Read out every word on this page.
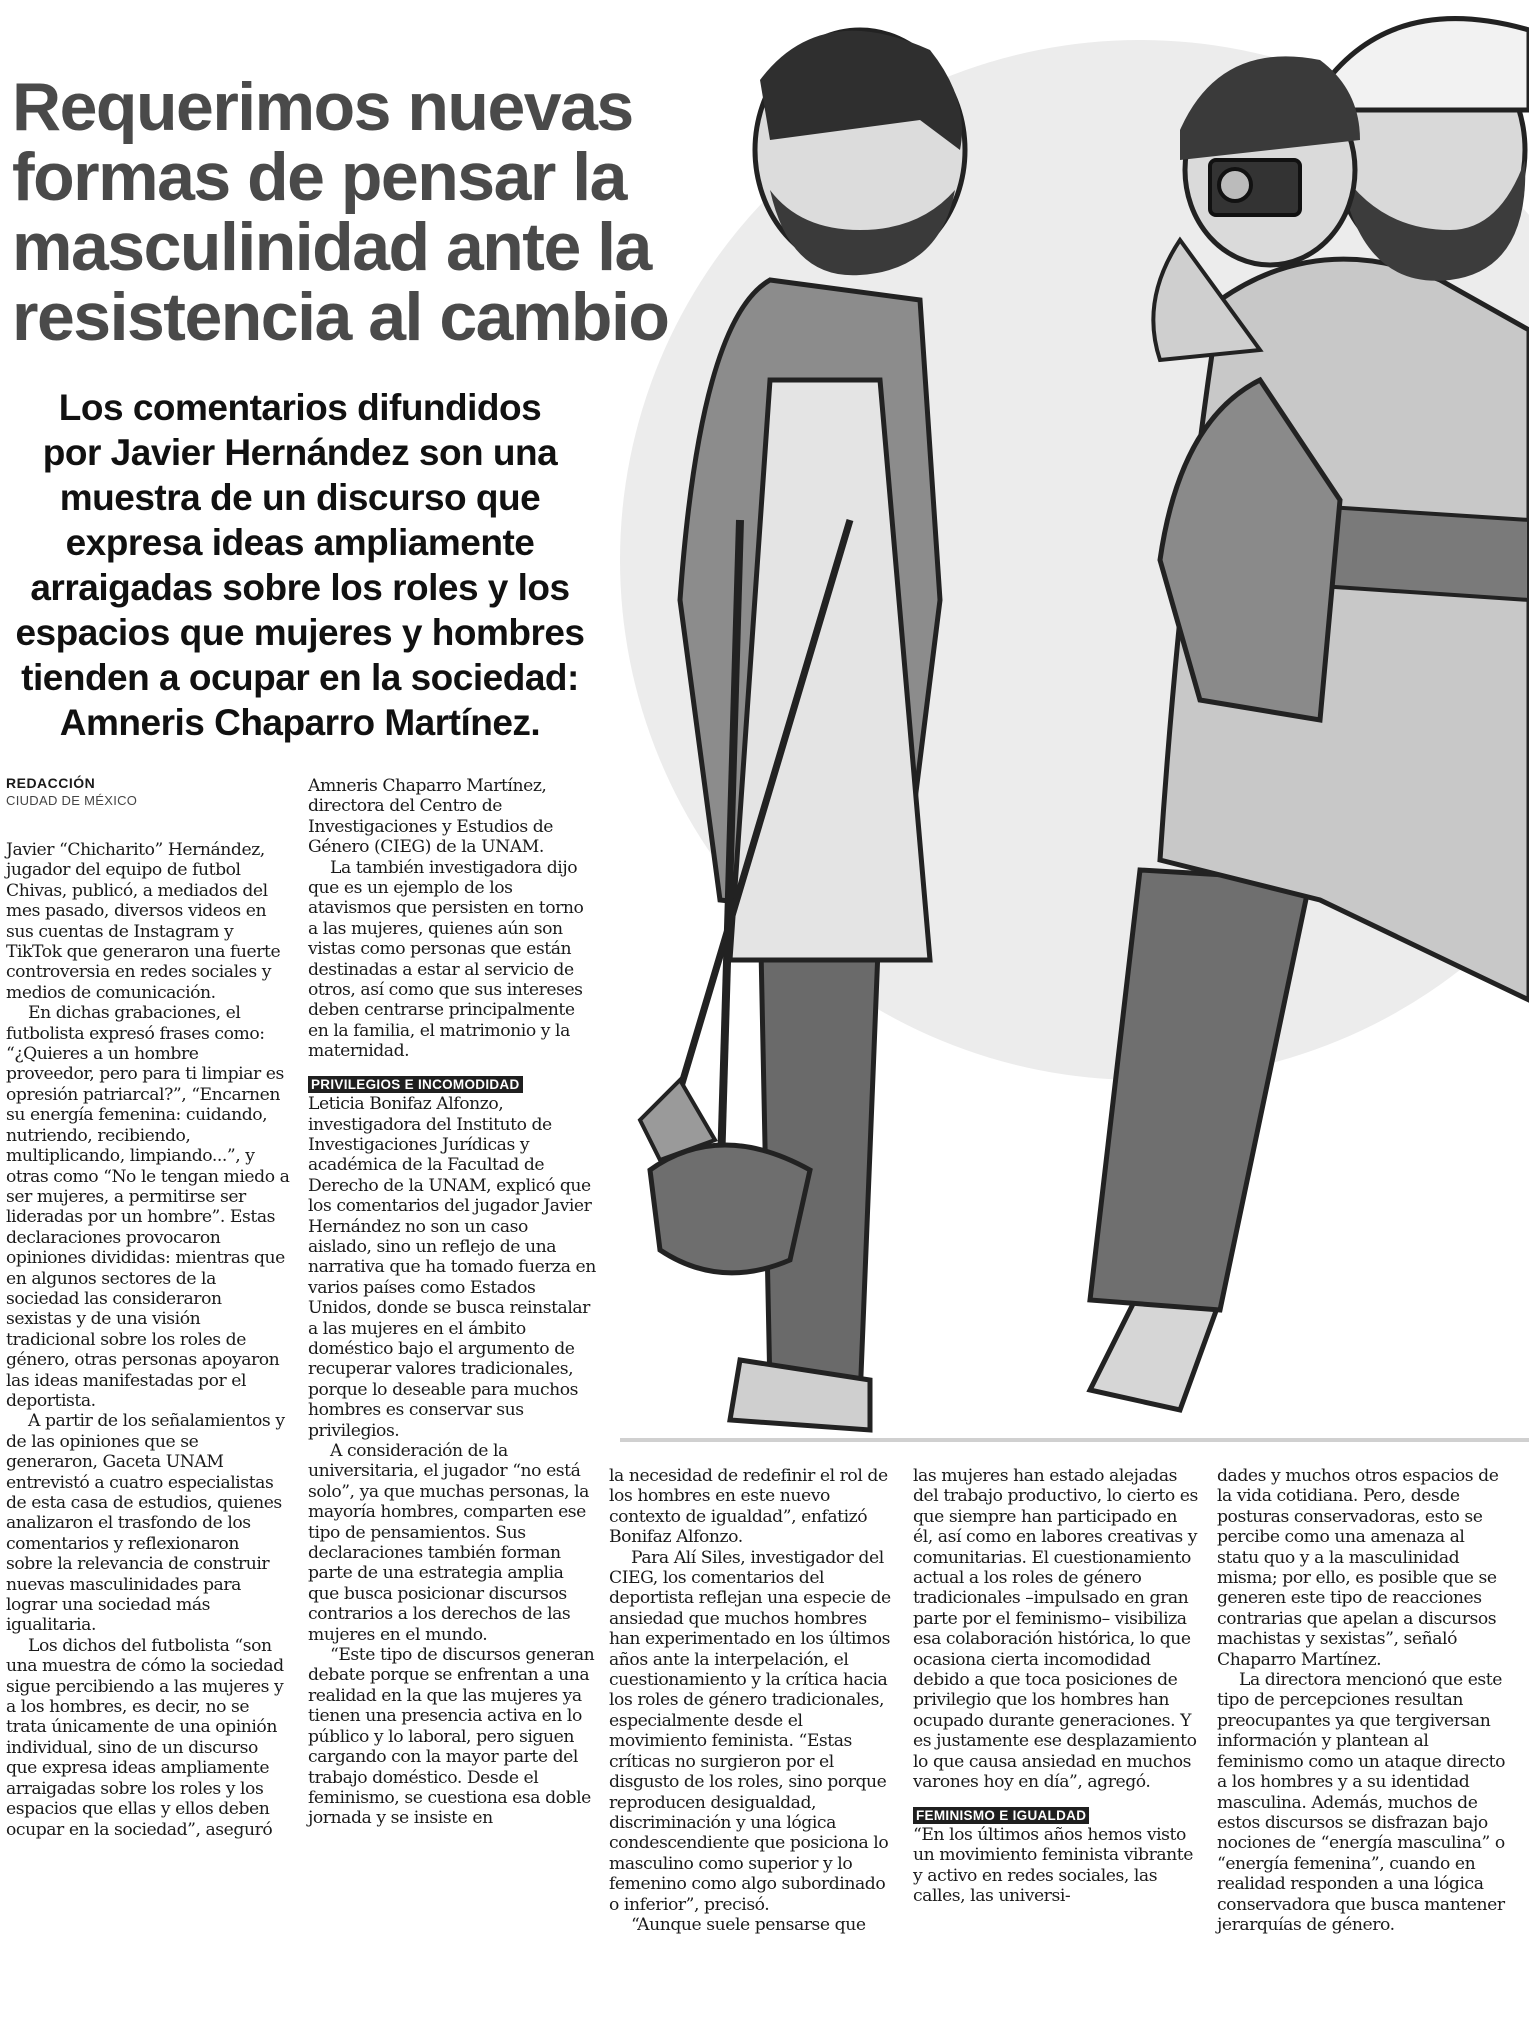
Requerimos nuevas
formas de pensar la
masculinidad ante la
resistencia al cambio
Los comentarios difundidos
por Javier Hernández son una
muestra de un discurso que
expresa ideas ampliamente
arraigadas sobre los roles y los
espacios que mujeres y hombres
tienden a ocupar en la sociedad:
Amneris Chaparro Martínez.
REDACCIÓN
CIUDAD DE MÉXICO

Javier “Chicharito” Hernández, jugador del equipo de futbol Chivas, publicó, a mediados del mes pasado, diversos videos en sus cuentas de Instagram y TikTok que generaron una fuerte controversia en redes sociales y medios de comunicación.

En dichas grabaciones, el futbolista expresó frases como: “¿Quieres a un hombre proveedor, pero para ti limpiar es opresión patriarcal?”, “Encarnen su energía femenina: cuidando, nutriendo, recibiendo, multiplicando, limpiando...”, y otras como “No le tengan miedo a ser mujeres, a permitirse ser lideradas por un hombre”. Estas declaraciones provocaron opiniones divididas: mientras que en algunos sectores de la sociedad las consideraron sexistas y de una visión tradicional sobre los roles de género, otras personas apoyaron las ideas manifestadas por el deportista.

A partir de los señalamientos y de las opiniones que se generaron, Gaceta UNAM entrevistó a cuatro especialistas de esta casa de estudios, quienes analizaron el trasfondo de los comentarios y reflexionaron sobre la relevancia de construir nuevas masculinidades para lograr una sociedad más igualitaria.

Los dichos del futbolista “son una muestra de cómo la sociedad sigue percibiendo a las mujeres y a los hombres, es decir, no se trata únicamente de una opinión individual, sino de un discurso que expresa ideas ampliamente arraigadas sobre los roles y los espacios que ellas y ellos deben ocupar en la sociedad”, aseguró

Amneris Chaparro Martínez, directora del Centro de Investigaciones y Estudios de Género (CIEG) de la UNAM.

La también investigadora dijo que es un ejemplo de los atavismos que persisten en torno a las mujeres, quienes aún son vistas como personas que están destinadas a estar al servicio de otros, así como que sus intereses deben centrarse principalmente en la familia, el matrimonio y la maternidad.

PRIVILEGIOS E INCOMODIDAD

Leticia Bonifaz Alfonzo, investigadora del Instituto de Investigaciones Jurídicas y académica de la Facultad de Derecho de la UNAM, explicó que los comentarios del jugador Javier Hernández no son un caso aislado, sino un reflejo de una narrativa que ha tomado fuerza en varios países como Estados Unidos, donde se busca reinstalar a las mujeres en el ámbito doméstico bajo el argumento de recuperar valores tradicionales, porque lo deseable para muchos hombres es conservar sus privilegios.

A consideración de la universitaria, el jugador “no está solo”, ya que muchas personas, la mayoría hombres, comparten ese tipo de pensamientos. Sus declaraciones también forman parte de una estrategia amplia que busca posicionar discursos contrarios a los derechos de las mujeres en el mundo.

“Este tipo de discursos generan debate porque se enfrentan a una realidad en la que las mujeres ya tienen una presencia activa en lo público y lo laboral, pero siguen cargando con la mayor parte del trabajo doméstico. Desde el feminismo, se cuestiona esa doble jornada y se insiste en

la necesidad de redefinir el rol de los hombres en este nuevo contexto de igualdad”, enfatizó Bonifaz Alfonzo.

Para Alí Siles, investigador del CIEG, los comentarios del deportista reflejan una especie de ansiedad que muchos hombres han experimentado en los últimos años ante la interpelación, el cuestionamiento y la crítica hacia los roles de género tradicionales, especialmente desde el movimiento feminista. “Estas críticas no surgieron por el disgusto de los roles, sino porque reproducen desigualdad, discriminación y una lógica condescendiente que posiciona lo masculino como superior y lo femenino como algo subordinado o inferior”, precisó.

“Aunque suele pensarse que

las mujeres han estado alejadas del trabajo productivo, lo cierto es que siempre han participado en él, así como en labores creativas y comunitarias. El cuestionamiento actual a los roles de género tradicionales –impulsado en gran parte por el feminismo– visibiliza esa colaboración histórica, lo que ocasiona cierta incomodidad debido a que toca posiciones de privilegio que los hombres han ocupado durante generaciones. Y es justamente ese desplazamiento lo que causa ansiedad en muchos varones hoy en día”, agregó.

FEMINISMO E IGUALDAD

“En los últimos años hemos visto un movimiento feminista vibrante y activo en redes sociales, las calles, las universi-

dades y muchos otros espacios de la vida cotidiana. Pero, desde posturas conservadoras, esto se percibe como una amenaza al statu quo y a la masculinidad misma; por ello, es posible que se generen este tipo de reacciones contrarias que apelan a discursos machistas y sexistas”, señaló Chaparro Martínez.

La directora mencionó que este tipo de percepciones resultan preocupantes ya que tergiversan información y plantean al feminismo como un ataque directo a los hombres y a su identidad masculina. Además, muchos de estos discursos se disfrazan bajo nociones de “energía masculina” o “energía femenina”, cuando en realidad responden a una lógica conservadora que busca mantener jerarquías de género.
